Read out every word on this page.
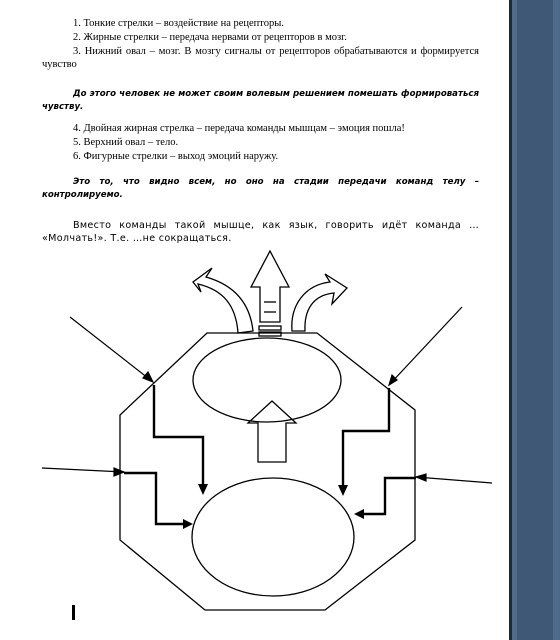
1. Тонкие стрелки – воздействие на рецепторы.

2. Жирные стрелки – передача нервами от рецепторов в мозг.

3. Нижний овал – мозг. В мозгу сигналы от рецепторов обрабатываются и формируется чувство

До этого человек не может своим волевым решением помешать формироваться чувству.

4. Двойная жирная стрелка – передача команды мышцам – эмоция пошла!

5. Верхний овал – тело.

6. Фигурные стрелки – выход эмоций наружу.

Это то, что видно всем, но оно на стадии передачи команд телу – контролируемо.

Вместо команды такой мышце, как язык, говорить идёт команда … «Молчать!». Т.е. …не сокращаться.
